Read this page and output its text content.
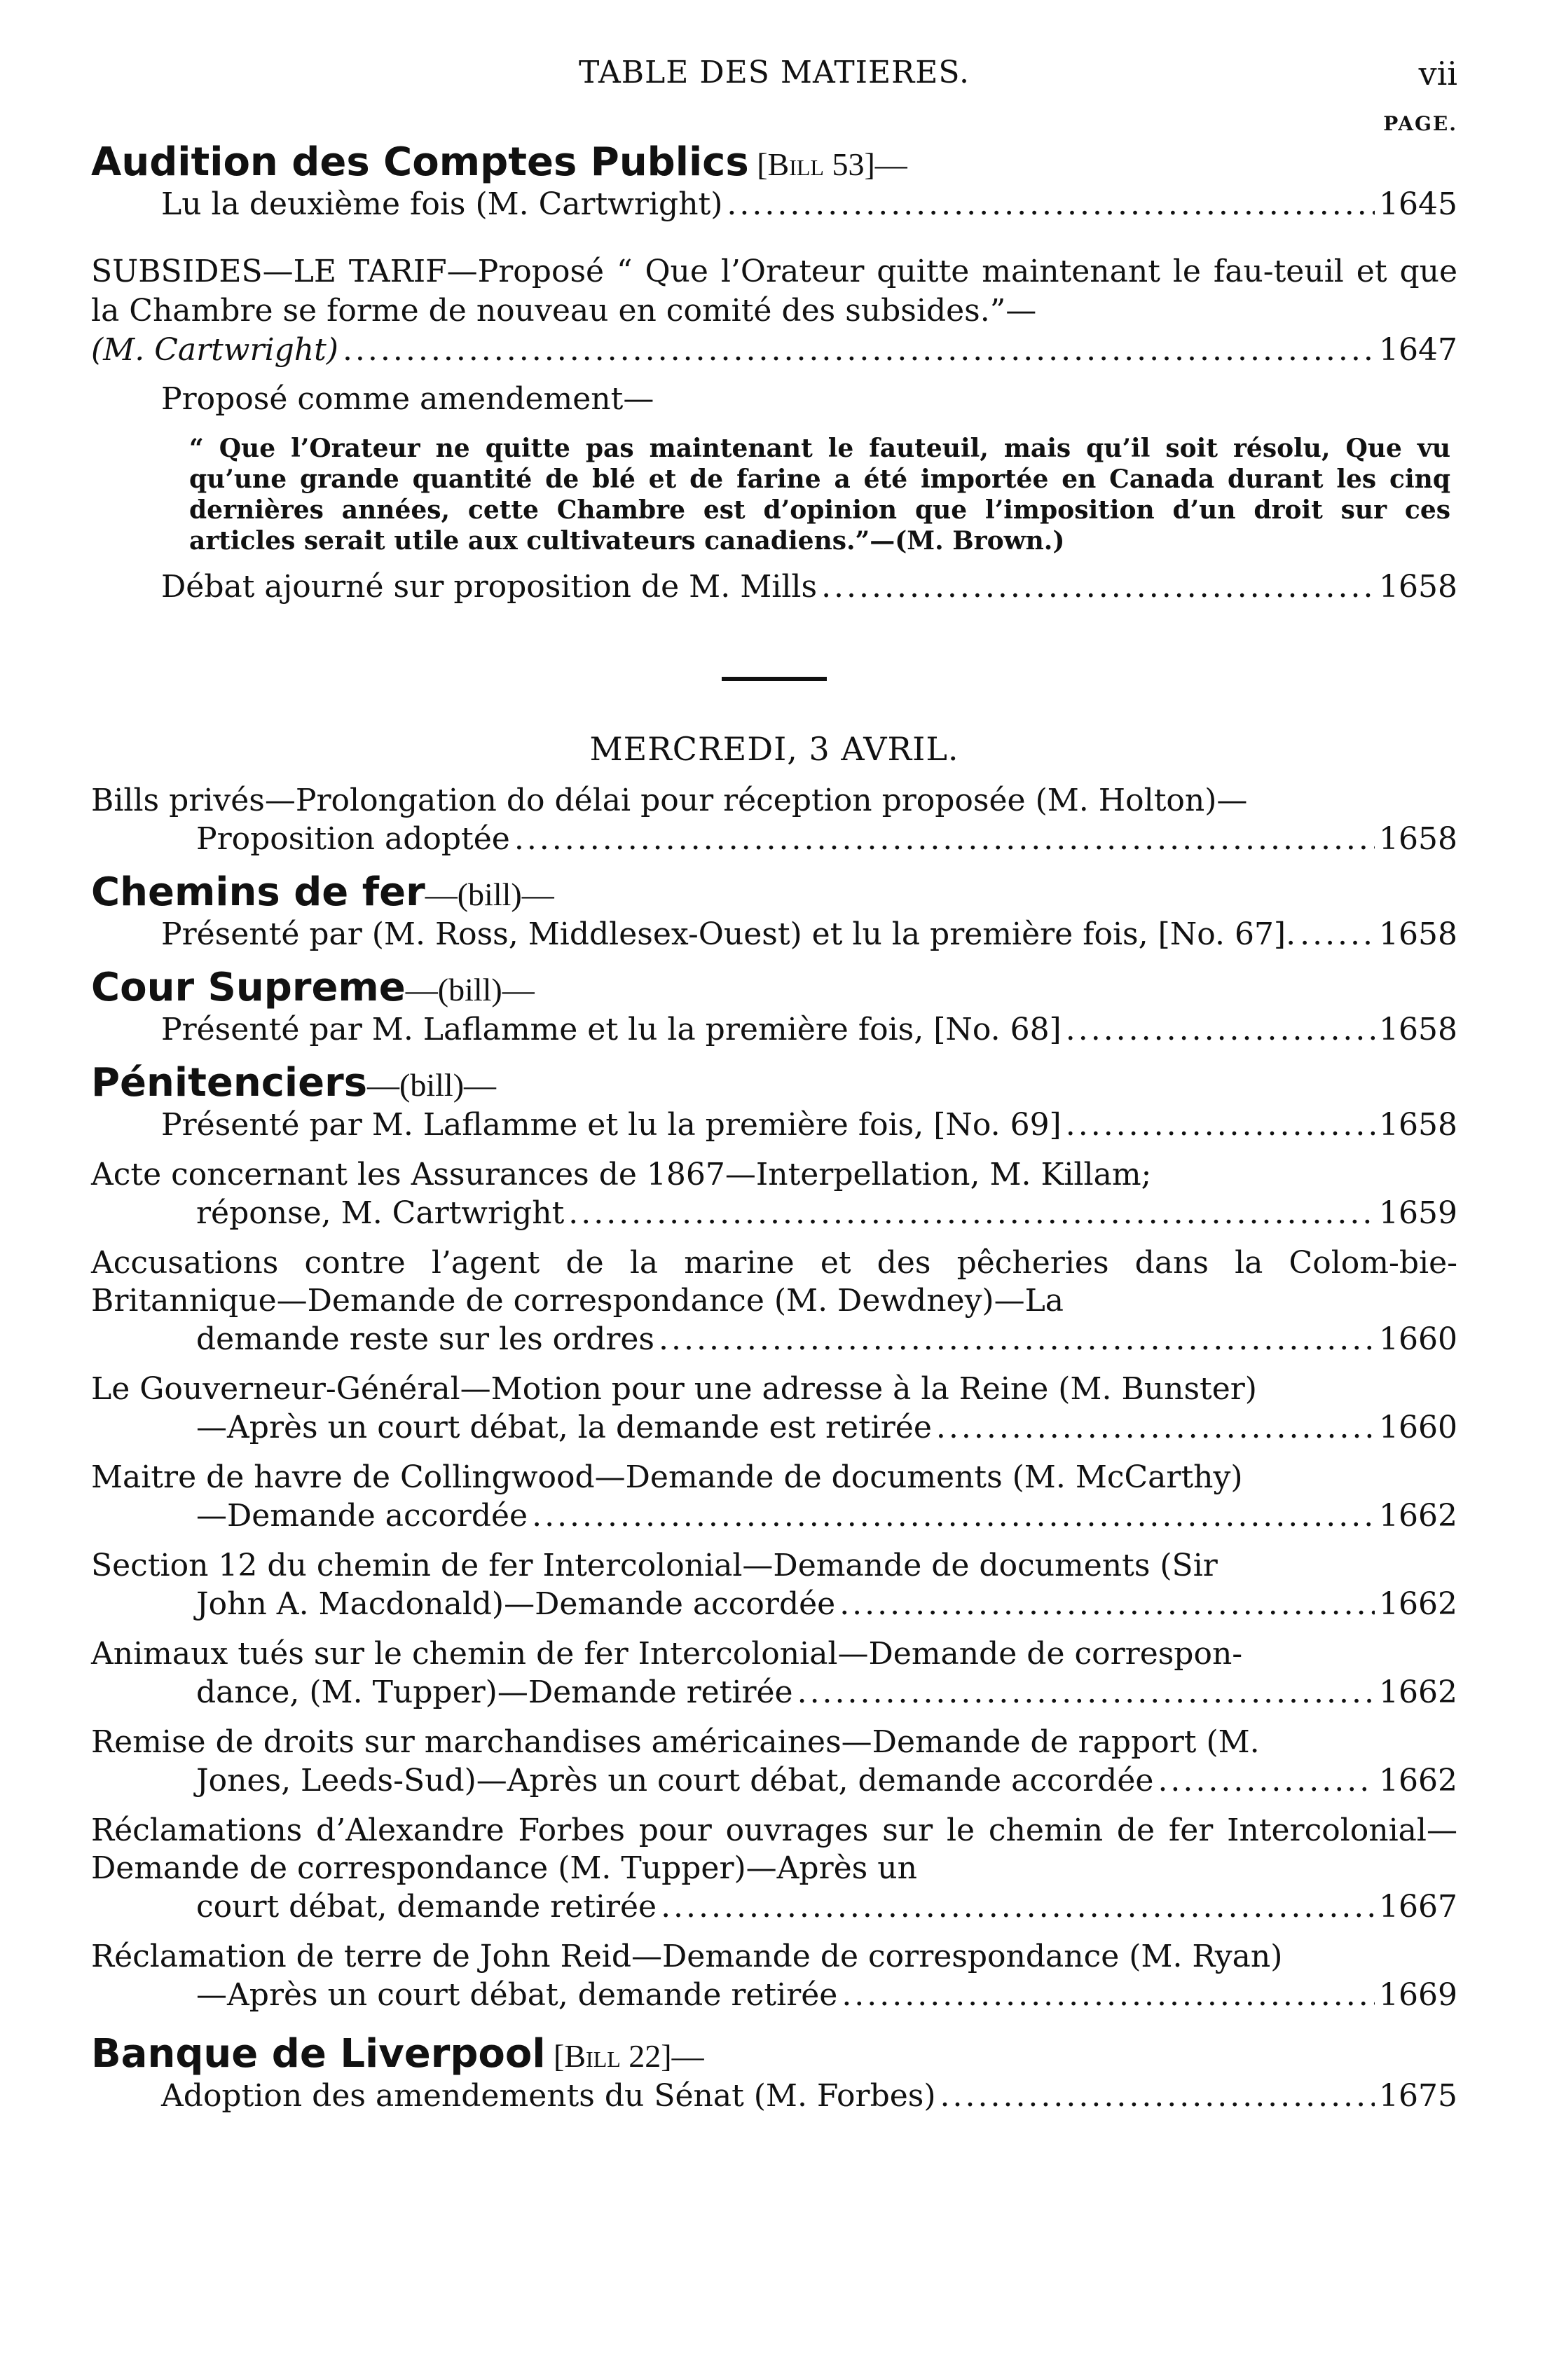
TABLE DES MATIERES.	vii
PAGE.
Audition des Comptes Publics [Bill 53]—
Lu la deuxième fois (M. Cartwright) .....	1645
SUBSIDES—LE TARIF—Proposé “ Que l’Orateur quitte maintenant le fau-teuil et que la Chambre se forme de nouveau en comité des subsides.”—
(M. Cartwright) .....	1647
Proposé comme amendement—
“ Que l’Orateur ne quitte pas maintenant le fauteuil, mais qu’il soit résolu, Que vu qu’une grande quantité de blé et de farine a été importée en Canada durant les cinq dernières années, cette Chambre est d’opinion que l’imposition d’un droit sur ces articles serait utile aux cultivateurs canadiens.”—(M. Brown.)
Débat ajourné sur proposition de M. Mills .....	1658
MERCREDI, 3 AVRIL.
Bills privés—Prolongation do délai pour réception proposée (M. Holton)—
Proposition adoptée .....	1658
Chemins de fer—(bill)—
Présenté par (M. Ross, Middlesex-Ouest) et lu la première fois, [No. 67]. .....	1658
Cour Supreme—(bill)—
Présenté par M. Laflamme et lu la première fois, [No. 68] .....	1658
Pénitenciers—(bill)—
Présenté par M. Laflamme et lu la première fois, [No. 69] .....	1658
Acte concernant les Assurances de 1867—Interpellation, M. Killam;
réponse, M. Cartwright .....	1659
Accusations contre l’agent de la marine et des pêcheries dans la Colom-bie-Britannique—Demande de correspondance (M. Dewdney)—La
demande reste sur les ordres .....	1660
Le Gouverneur-Général—Motion pour une adresse à la Reine (M. Bunster)
—Après un court débat, la demande est retirée .....	1660
Maitre de havre de Collingwood—Demande de documents (M. McCarthy)
—Demande accordée .....	1662
Section 12 du chemin de fer Intercolonial—Demande de documents (Sir
John A. Macdonald)—Demande accordée .....	1662
Animaux tués sur le chemin de fer Intercolonial—Demande de correspon-
dance, (M. Tupper)—Demande retirée .....	1662
Remise de droits sur marchandises américaines—Demande de rapport (M.
Jones, Leeds-Sud)—Après un court débat, demande accordée .....	1662
Réclamations d’Alexandre Forbes pour ouvrages sur le chemin de fer Intercolonial—Demande de correspondance (M. Tupper)—Après un
court débat, demande retirée .....	1667
Réclamation de terre de John Reid—Demande de correspondance (M. Ryan)
—Après un court débat, demande retirée .....	1669
Banque de Liverpool [Bill 22]—
Adoption des amendements du Sénat (M. Forbes) .....	1675
